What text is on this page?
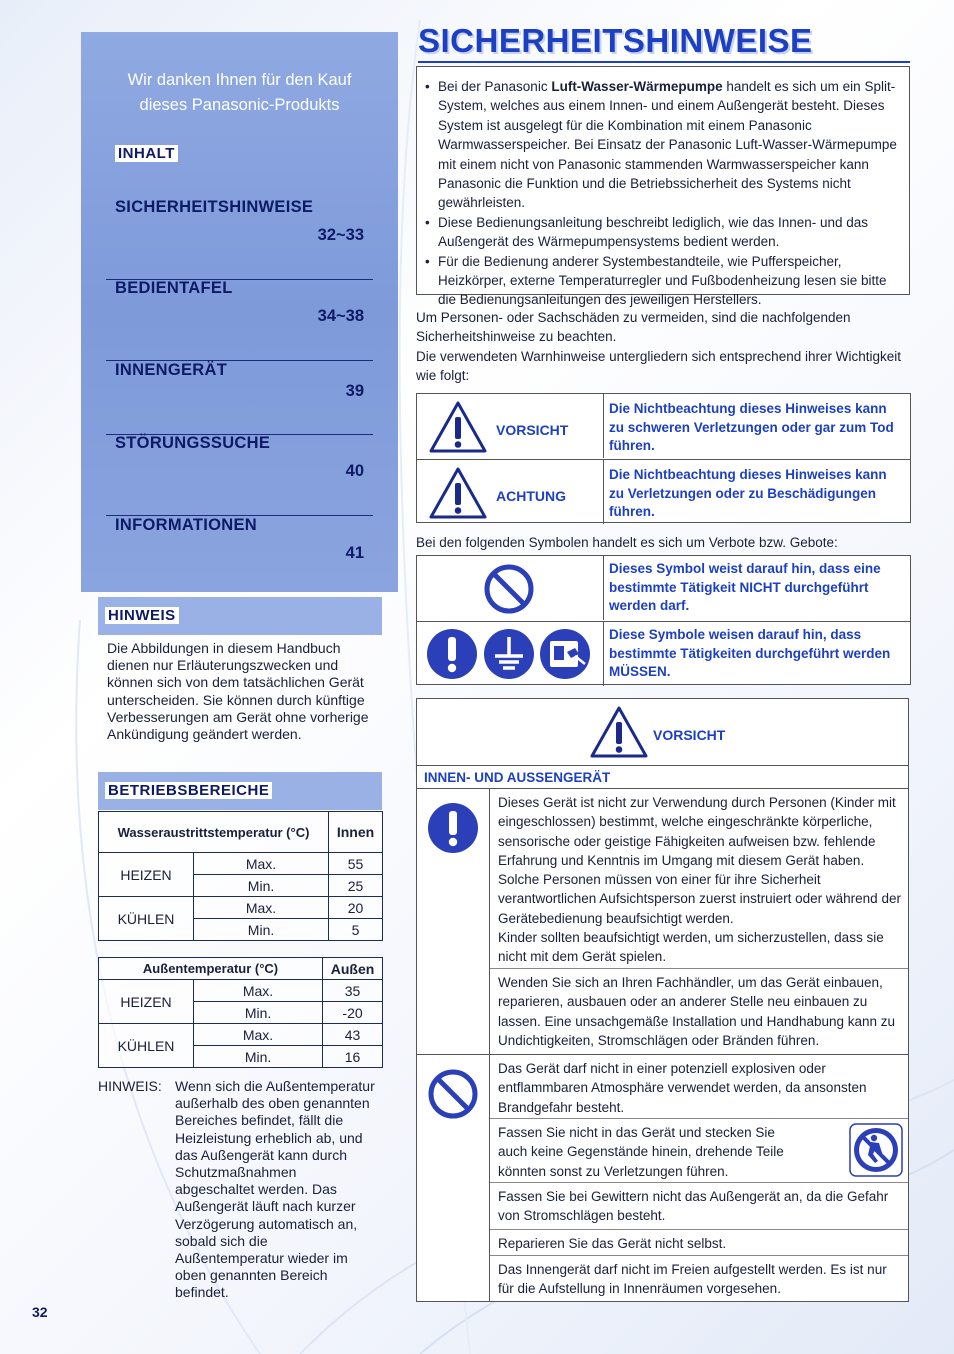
Wir danken Ihnen für den Kauf
dieses Panasonic-Produkts
INHALT
SICHERHEITSHINWEISE
32~33
BEDIENTAFEL
34~38
INNENGERÄT
39
STÖRUNGSSUCHE
40
INFORMATIONEN
41
HINWEIS
Die Abbildungen in diesem Handbuch dienen nur Erläuterungszwecken und können sich von dem tatsächlichen Gerät unterscheiden. Sie können durch künftige Verbesserungen am Gerät ohne vorherige Ankündigung geändert werden.
BETRIEBSBEREICHE
Wasseraustrittstemperatur (°C)		Innen
HEIZEN	Max.	55
	Min.	25
KÜHLEN	Max.	20
	Min.	5
Außentemperatur (°C)		Außen
HEIZEN	Max.	35
	Min.	-20
KÜHLEN	Max.	43
	Min.	16
HINWEIS: Wenn sich die Außentemperatur außerhalb des oben genannten Bereiches befindet, fällt die Heizleistung erheblich ab, und das Außengerät kann durch Schutzmaßnahmen abgeschaltet werden. Das Außengerät läuft nach kurzer Verzögerung automatisch an, sobald sich die Außentemperatur wieder im oben genannten Bereich befindet.
32
SICHERHEITSHINWEISE
• Bei der Panasonic Luft-Wasser-Wärmepumpe handelt es sich um ein Split-System, welches aus einem Innen- und einem Außengerät besteht. Dieses System ist ausgelegt für die Kombination mit einem Panasonic Warmwasserspeicher. Bei Einsatz der Panasonic Luft-Wasser-Wärmepumpe mit einem nicht von Panasonic stammenden Warmwasserspeicher kann Panasonic die Funktion und die Betriebssicherheit des Systems nicht gewährleisten.
• Diese Bedienungsanleitung beschreibt lediglich, wie das Innen- und das Außengerät des Wärmepumpensystems bedient werden.
• Für die Bedienung anderer Systembestandteile, wie Pufferspeicher, Heizkörper, externe Temperaturregler und Fußbodenheizung lesen sie bitte die Bedienungsanleitungen des jeweiligen Herstellers.
Um Personen- oder Sachschäden zu vermeiden, sind die nachfolgenden Sicherheitshinweise zu beachten.
Die verwendeten Warnhinweise untergliedern sich entsprechend ihrer Wichtigkeit wie folgt:
VORSICHT
Die Nichtbeachtung dieses Hinweises kann zu schweren Verletzungen oder gar zum Tod führen.
ACHTUNG
Die Nichtbeachtung dieses Hinweises kann zu Verletzungen oder zu Beschädigungen führen.
Bei den folgenden Symbolen handelt es sich um Verbote bzw. Gebote:
Dieses Symbol weist darauf hin, dass eine bestimmte Tätigkeit NICHT durchgeführt werden darf.
Diese Symbole weisen darauf hin, dass bestimmte Tätigkeiten durchgeführt werden MÜSSEN.
VORSICHT
INNEN- UND AUSSENGERÄT
Dieses Gerät ist nicht zur Verwendung durch Personen (Kinder mit eingeschlossen) bestimmt, welche eingeschränkte körperliche, sensorische oder geistige Fähigkeiten aufweisen bzw. fehlende Erfahrung und Kenntnis im Umgang mit diesem Gerät haben. Solche Personen müssen von einer für ihre Sicherheit verantwortlichen Aufsichtsperson zuerst instruiert oder während der Gerätebedienung beaufsichtigt werden.
Kinder sollten beaufsichtigt werden, um sicherzustellen, dass sie nicht mit dem Gerät spielen.
Wenden Sie sich an Ihren Fachhändler, um das Gerät einbauen, reparieren, ausbauen oder an anderer Stelle neu einbauen zu lassen. Eine unsachgemäße Installation und Handhabung kann zu Undichtigkeiten, Stromschlägen oder Bränden führen.
Das Gerät darf nicht in einer potenziell explosiven oder entflammbaren Atmosphäre verwendet werden, da ansonsten Brandgefahr besteht.
Fassen Sie nicht in das Gerät und stecken Sie auch keine Gegenstände hinein, drehende Teile könnten sonst zu Verletzungen führen.
Fassen Sie bei Gewittern nicht das Außengerät an, da die Gefahr von Stromschlägen besteht.
Reparieren Sie das Gerät nicht selbst.
Das Innengerät darf nicht im Freien aufgestellt werden. Es ist nur für die Aufstellung in Innenräumen vorgesehen.
